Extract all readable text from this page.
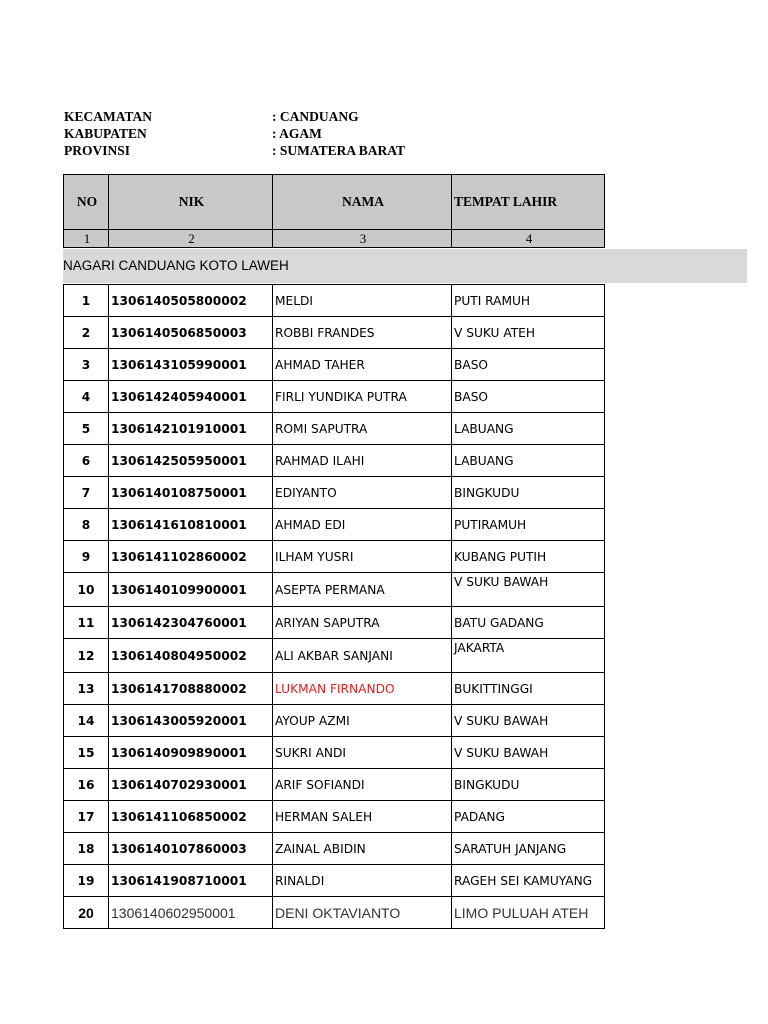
KECAMATAN	: CANDUANG
KABUPATEN	: AGAM
PROVINSI	: SUMATERA BARAT
NO	NIK	NAMA	TEMPAT LAHIR
1	2	3	4
NAGARI CANDUANG KOTO LAWEH
1	1306140505800002	MELDI	PUTI RAMUH
2	1306140506850003	ROBBI FRANDES	V SUKU ATEH
3	1306143105990001	AHMAD TAHER	BASO
4	1306142405940001	FIRLI YUNDIKA PUTRA	BASO
5	1306142101910001	ROMI SAPUTRA	LABUANG
6	1306142505950001	RAHMAD ILAHI	LABUANG
7	1306140108750001	EDIYANTO	BINGKUDU
8	1306141610810001	AHMAD EDI	PUTIRAMUH
9	1306141102860002	ILHAM YUSRI	KUBANG PUTIH
10	1306140109900001	ASEPTA PERMANA	V SUKU BAWAH
11	1306142304760001	ARIYAN SAPUTRA	BATU GADANG
12	1306140804950002	ALI AKBAR SANJANI	JAKARTA
13	1306141708880002	LUKMAN FIRNANDO	BUKITTINGGI
14	1306143005920001	AYOUP AZMI	V SUKU BAWAH
15	1306140909890001	SUKRI ANDI	V SUKU BAWAH
16	1306140702930001	ARIF SOFIANDI	BINGKUDU
17	1306141106850002	HERMAN SALEH	PADANG
18	1306140107860003	ZAINAL ABIDIN	SARATUH JANJANG
19	1306141908710001	RINALDI	RAGEH SEI KAMUYANG
20	1306140602950001	DENI OKTAVIANTO	LIMO PULUAH ATEH
